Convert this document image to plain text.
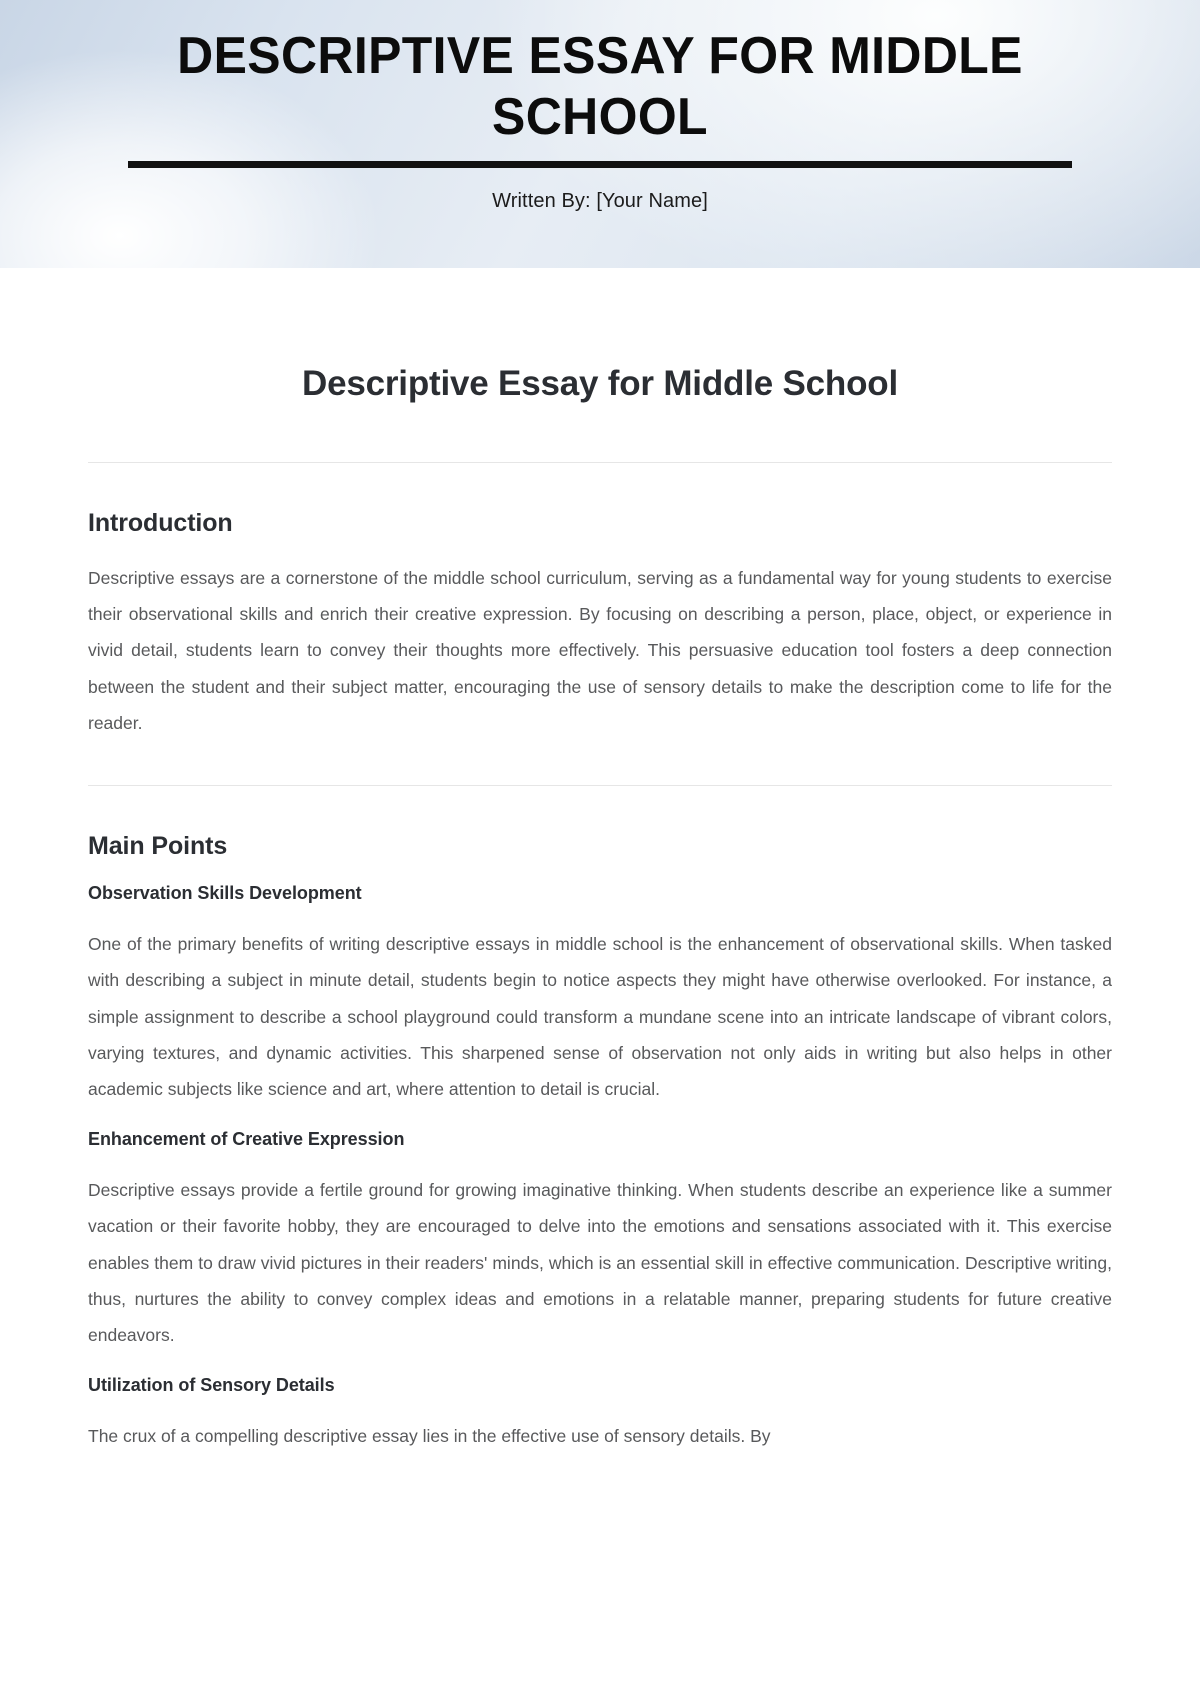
DESCRIPTIVE ESSAY FOR MIDDLE SCHOOL
Written By: [Your Name]
Descriptive Essay for Middle School
Introduction

Descriptive essays are a cornerstone of the middle school curriculum, serving as a fundamental way for young students to exercise their observational skills and enrich their creative expression. By focusing on describing a person, place, object, or experience in vivid detail, students learn to convey their thoughts more effectively. This persuasive education tool fosters a deep connection between the student and their subject matter, encouraging the use of sensory details to make the description come to life for the reader.

Main Points
Observation Skills Development

One of the primary benefits of writing descriptive essays in middle school is the enhancement of observational skills. When tasked with describing a subject in minute detail, students begin to notice aspects they might have otherwise overlooked. For instance, a simple assignment to describe a school playground could transform a mundane scene into an intricate landscape of vibrant colors, varying textures, and dynamic activities. This sharpened sense of observation not only aids in writing but also helps in other academic subjects like science and art, where attention to detail is crucial.

Enhancement of Creative Expression

Descriptive essays provide a fertile ground for growing imaginative thinking. When students describe an experience like a summer vacation or their favorite hobby, they are encouraged to delve into the emotions and sensations associated with it. This exercise enables them to draw vivid pictures in their readers' minds, which is an essential skill in effective communication. Descriptive writing, thus, nurtures the ability to convey complex ideas and emotions in a relatable manner, preparing students for future creative endeavors.

Utilization of Sensory Details

The crux of a compelling descriptive essay lies in the effective use of sensory details. By
